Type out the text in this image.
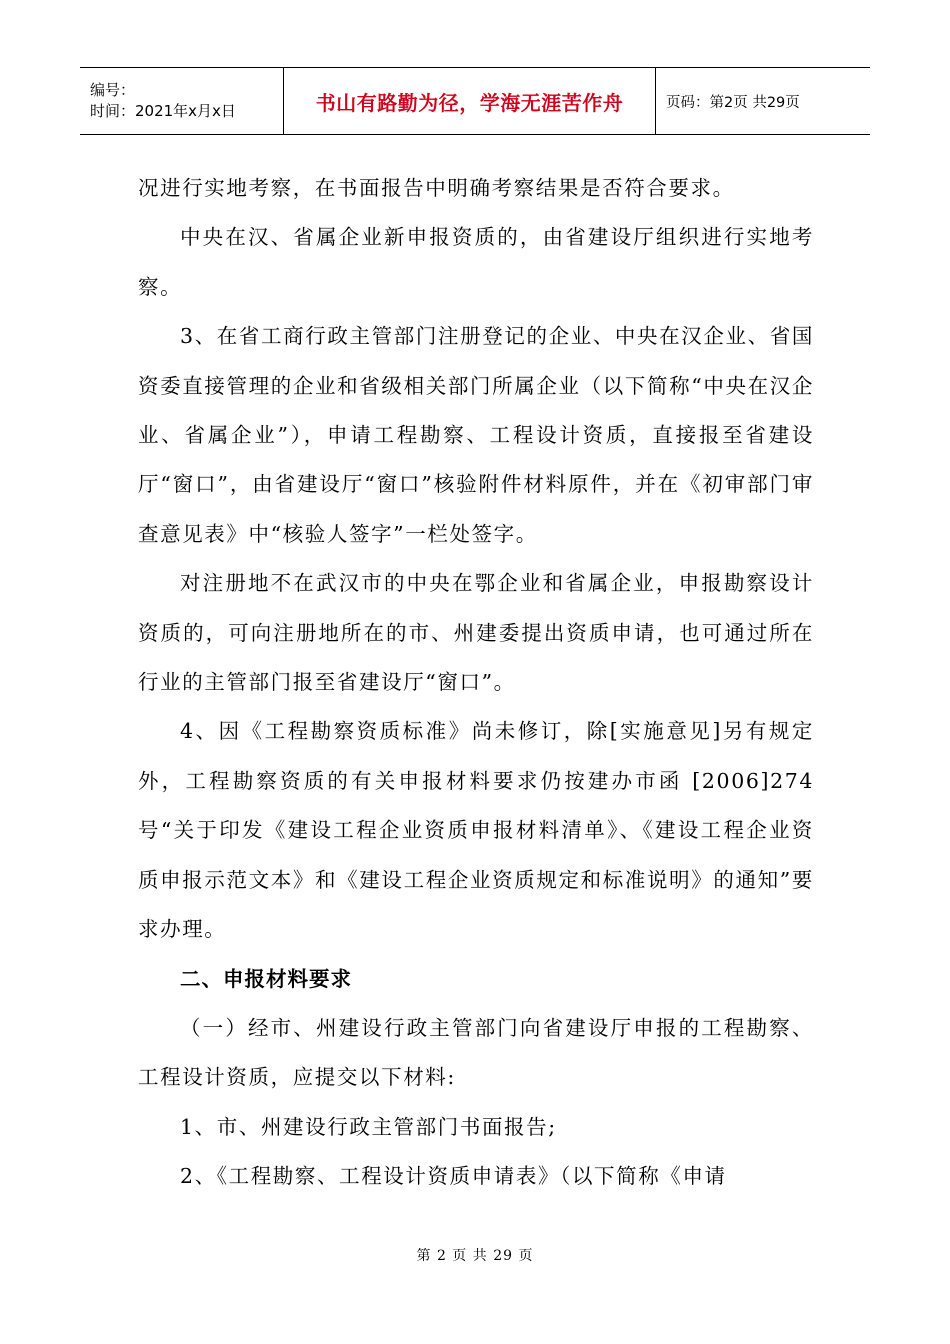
编号：
时间：2021年x月x日	书山有路勤为径，学海无涯苦作舟	页码：第2页 共29页

况进行实地考察，在书面报告中明确考察结果是否符合要求。

中央在汉、省属企业新申报资质的，由省建设厅组织进行实地考察。

3、在省工商行政主管部门注册登记的企业、中央在汉企业、省国资委直接管理的企业和省级相关部门所属企业（以下简称“中央在汉企业、省属企业”），申请工程勘察、工程设计资质，直接报至省建设厅“窗口”，由省建设厅“窗口”核验附件材料原件，并在《初审部门审查意见表》中“核验人签字”一栏处签字。

对注册地不在武汉市的中央在鄂企业和省属企业，申报勘察设计资质的，可向注册地所在的市、州建委提出资质申请，也可通过所在行业的主管部门报至省建设厅“窗口”。

4、因《工程勘察资质标准》尚未修订，除[实施意见]另有规定外，工程勘察资质的有关申报材料要求仍按建办市函 [2006]274号“关于印发《建设工程企业资质申报材料清单》、《建设工程企业资质申报示范文本》和《建设工程企业资质规定和标准说明》的通知”要求办理。

二、申报材料要求

（一）经市、州建设行政主管部门向省建设厅申报的工程勘察、工程设计资质，应提交以下材料:

1、市、州建设行政主管部门书面报告;

2、《工程勘察、工程设计资质申请表》（以下简称《申请

第 2 页 共 29 页
